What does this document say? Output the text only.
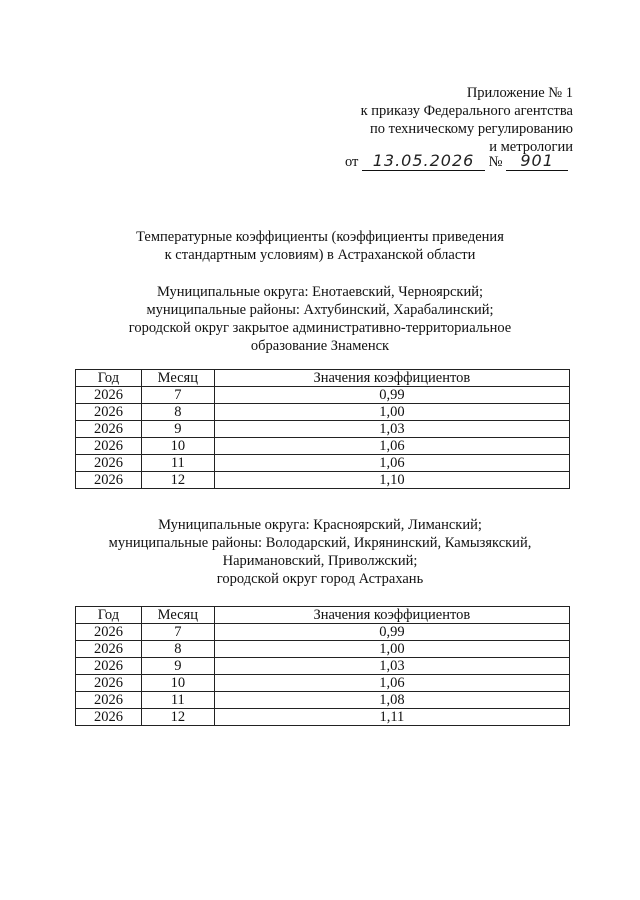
Приложение № 1
к приказу Федерального агентства
по техническому регулированию
и метрологии
от 13.05.2026 № 901
Температурные коэффициенты (коэффициенты приведения
к стандартным условиям) в Астраханской области
Муниципальные округа: Енотаевский, Черноярский;
муниципальные районы: Ахтубинский, Харабалинский;
городской округ закрытое административно-территориальное
образование Знаменск
Год	Месяц	Значения коэффициентов
2026	7	0,99
2026	8	1,00
2026	9	1,03
2026	10	1,06
2026	11	1,06
2026	12	1,10
Муниципальные округа: Красноярский, Лиманский;
муниципальные районы: Володарский, Икрянинский, Камызякский,
Наримановский, Приволжский;
городской округ город Астрахань
Год	Месяц	Значения коэффициентов
2026	7	0,99
2026	8	1,00
2026	9	1,03
2026	10	1,06
2026	11	1,08
2026	12	1,11
